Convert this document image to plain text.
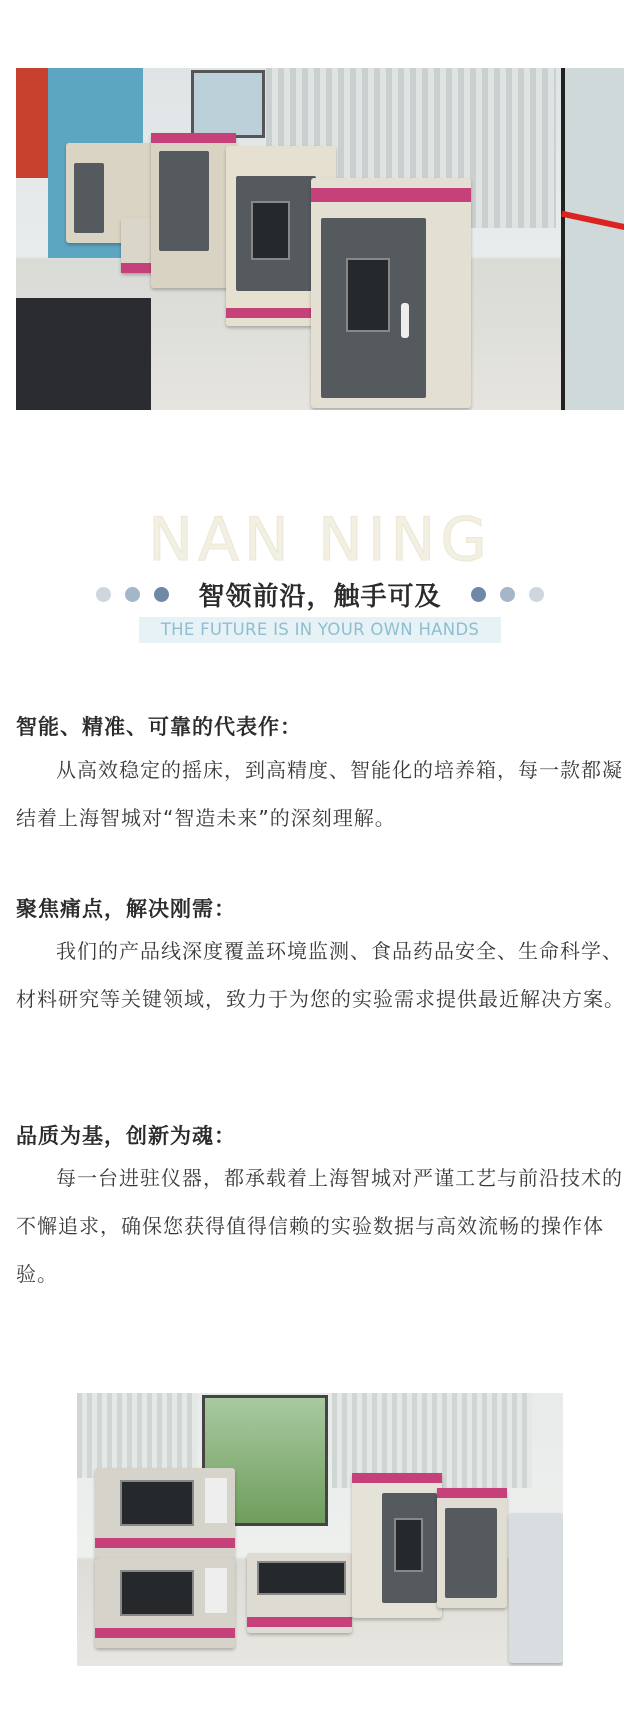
NAN NING
智领前沿，触手可及
THE FUTURE IS IN YOUR OWN HANDS
智能、精准、可靠的代表作：
从高效稳定的摇床，到高精度、智能化的培养箱，每一款都凝结着上海智城对“智造未来”的深刻理解。
聚焦痛点，解决刚需：
我们的产品线深度覆盖环境监测、食品药品安全、生命科学、材料研究等关键领域，致力于为您的实验需求提供最近解决方案。
品质为基，创新为魂：
每一台进驻仪器，都承载着上海智城对严谨工艺与前沿技术的不懈追求，确保您获得值得信赖的实验数据与高效流畅的操作体验。
